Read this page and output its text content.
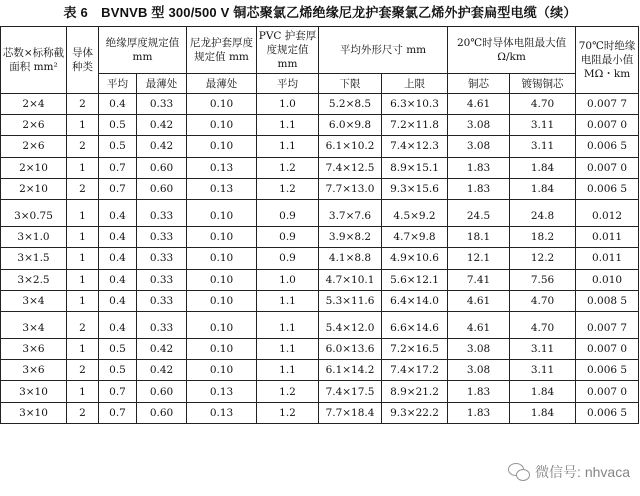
表 6　BVNVB 型 300/500 V 铜芯聚氯乙烯绝缘尼龙护套聚氯乙烯外护套扁型电缆（续）
芯数×标称截面积 mm²	导体种类	绝缘厚度规定值 mm		尼龙护套厚度规定值 mm	PVC 护套厚度规定值 mm	平均外形尺寸 mm		20℃时导体电阻最大值 Ω/km		70℃时绝缘电阻最小值 MΩ・km
		平均	最薄处	最薄处	平均	下限	上限	铜芯	镀锡铜芯	
2×4	2	0.4	0.33	0.10	1.0	5.2×8.5	6.3×10.3	4.61	4.70	0.007 7
2×6	1	0.5	0.42	0.10	1.1	6.0×9.8	7.2×11.8	3.08	3.11	0.007 0
2×6	2	0.5	0.42	0.10	1.1	6.1×10.2	7.4×12.3	3.08	3.11	0.006 5
2×10	1	0.7	0.60	0.13	1.2	7.4×12.5	8.9×15.1	1.83	1.84	0.007 0
2×10	2	0.7	0.60	0.13	1.2	7.7×13.0	9.3×15.6	1.83	1.84	0.006 5
3×0.75	1	0.4	0.33	0.10	0.9	3.7×7.6	4.5×9.2	24.5	24.8	0.012
3×1.0	1	0.4	0.33	0.10	0.9	3.9×8.2	4.7×9.8	18.1	18.2	0.011
3×1.5	1	0.4	0.33	0.10	0.9	4.1×8.8	4.9×10.6	12.1	12.2	0.011
3×2.5	1	0.4	0.33	0.10	1.0	4.7×10.1	5.6×12.1	7.41	7.56	0.010
3×4	1	0.4	0.33	0.10	1.1	5.3×11.6	6.4×14.0	4.61	4.70	0.008 5
3×4	2	0.4	0.33	0.10	1.1	5.4×12.0	6.6×14.6	4.61	4.70	0.007 7
3×6	1	0.5	0.42	0.10	1.1	6.0×13.6	7.2×16.5	3.08	3.11	0.007 0
3×6	2	0.5	0.42	0.10	1.1	6.1×14.2	7.4×17.2	3.08	3.11	0.006 5
3×10	1	0.7	0.60	0.13	1.2	7.4×17.5	8.9×21.2	1.83	1.84	0.007 0
3×10	2	0.7	0.60	0.13	1.2	7.7×18.4	9.3×22.2	1.83	1.84	0.006 5
微信号: nhvaca
